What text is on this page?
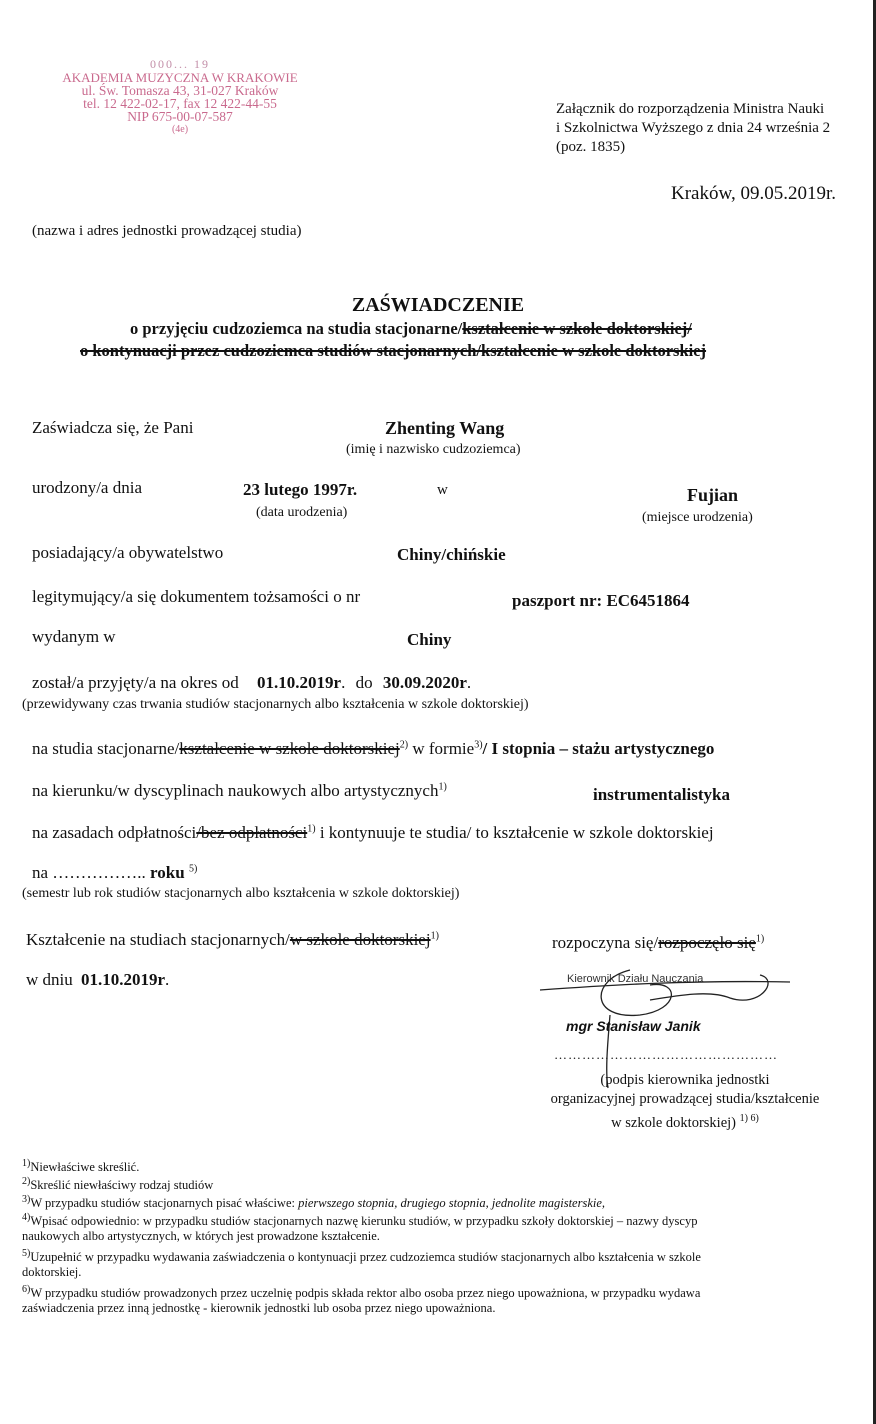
000... 19
AKADEMIA MUZYCZNA W KRAKOWIE
ul. Św. Tomasza 43, 31-027 Kraków
tel. 12 422-02-17, fax 12 422-44-55
NIP 675-00-07-587
(4e)
Załącznik do rozporządzenia Ministra Nauki
i Szkolnictwa Wyższego z dnia 24 września 2
(poz. 1835)
Kraków, 09.05.2019r.
(nazwa i adres jednostki prowadzącej studia)
ZAŚWIADCZENIE
o przyjęciu cudzoziemca na studia stacjonarne/kształcenie w szkole doktorskiej/
o kontynuacji przez cudzoziemca studiów stacjonarnych/kształcenie w szkole doktorskiej
Zaświadcza się, że Pani	Zhenting Wang
(imię i nazwisko cudzoziemca)
urodzony/a dnia	23 lutego 1997r.
(data urodzenia)
w	Fujian
(miejsce urodzenia)
posiadający/a obywatelstwo	Chiny/chińskie
legitymujący/a się dokumentem tożsamości o nr	paszport nr: EC6451864
wydanym w	Chiny
został/a przyjęty/a na okres od 01.10.2019r. do 30.09.2020r.
(przewidywany czas trwania studiów stacjonarnych albo kształcenia w szkole doktorskiej)
na studia stacjonarne/kształcenie w szkole doktorskiej$^{2)}$ w formie$^{3)}$/ I stopnia – stażu artystycznego
na kierunku/w dyscyplinach naukowych albo artystycznych$^{1)}$	instrumentalistyka
na zasadach odpłatności/bez odpłatności$^{1)}$ i kontynuuje te studia/ to kształcenie w szkole doktorskiej
na …………….. roku $^{5)}$
(semestr lub rok studiów stacjonarnych albo kształcenia w szkole doktorskiej)
Kształcenie na studiach stacjonarnych/w szkole doktorskiej$^{1)}$	rozpoczyna się/rozpoczęło się$^{1)}$
w dniu 01.10.2019r.	Kierownik Działu Nauczania
mgr Stanisław Janik
…………………………………………
(podpis kierownika jednostki
organizacyjnej prowadzącej studia/kształcenie
w szkole doktorskiej) $^{1) 6)}$
$^{1)}$Niewłaściwe skreślić.
$^{2)}$Skreślić niewłaściwy rodzaj studiów
$^{3)}$W przypadku studiów stacjonarnych pisać właściwe: pierwszego stopnia, drugiego stopnia, jednolite magisterskie,
$^{4)}$Wpisać odpowiednio: w przypadku studiów stacjonarnych nazwę kierunku studiów, w przypadku szkoły doktorskiej – nazwy dyscyp
naukowych albo artystycznych, w których jest prowadzone kształcenie.
$^{5)}$Uzupełnić w przypadku wydawania zaświadczenia o kontynuacji przez cudzoziemca studiów stacjonarnych albo kształcenia w szkole
doktorskiej.
$^{6)}$W przypadku studiów prowadzonych przez uczelnię podpis składa rektor albo osoba przez niego upoważniona, w przypadku wydawa
zaświadczenia przez inną jednostkę - kierownik jednostki lub osoba przez niego upoważniona.
